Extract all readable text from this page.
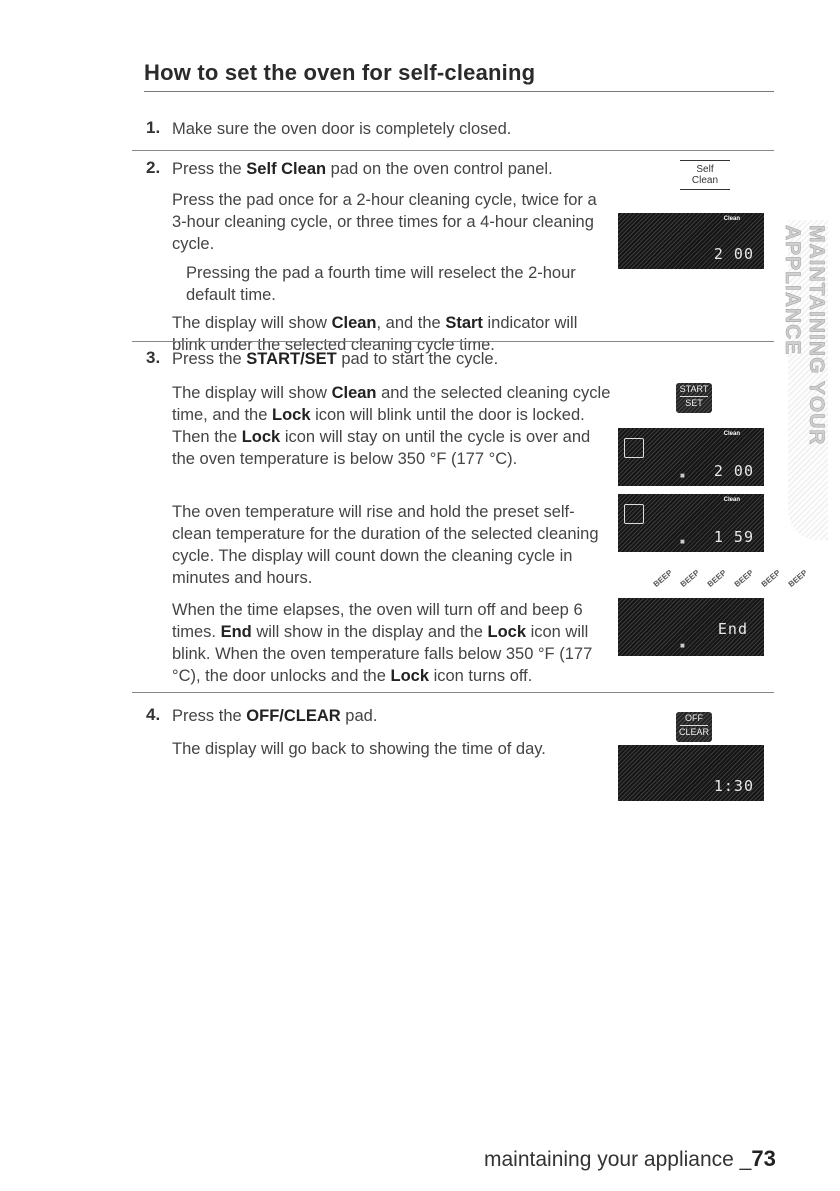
How to set the oven for self-cleaning
1. Make sure the oven door is completely closed.

2. Press the Self Clean pad on the oven control panel.

Press the pad once for a 2-hour cleaning cycle, twice for a 3-hour cleaning cycle, or three times for a 4-hour cleaning cycle.

Pressing the pad a fourth time will reselect the 2-hour default time.

The display will show Clean, and the Start indicator will blink under the selected cleaning cycle time.

Self
Clean
Clean
2 00
3. Press the START/SET pad to start the cycle.

The display will show Clean and the selected cleaning cycle time, and the Lock icon will blink until the door is locked. Then the Lock icon will stay on until the cycle is over and the oven temperature is below 350 °F (177 °C).

The oven temperature will rise and hold the preset self-clean temperature for the duration of the selected cleaning cycle. The display will count down the cleaning cycle in minutes and hours.

When the time elapses, the oven will turn off and beep 6 times. End will show in the display and the Lock icon will blink. When the oven temperature falls below 350 °F (177 °C), the door unlocks and the Lock icon turns off.

START
SET
Clean
■ 2 00
Clean
■ 1 59
BEEP BEEP BEEP BEEP BEEP BEEP
■
End
4. Press the OFF/CLEAR pad.

The display will go back to showing the time of day.

OFF
CLEAR
1:30
MAINTAINING YOUR APPLIANCE
maintaining your appliance _73
